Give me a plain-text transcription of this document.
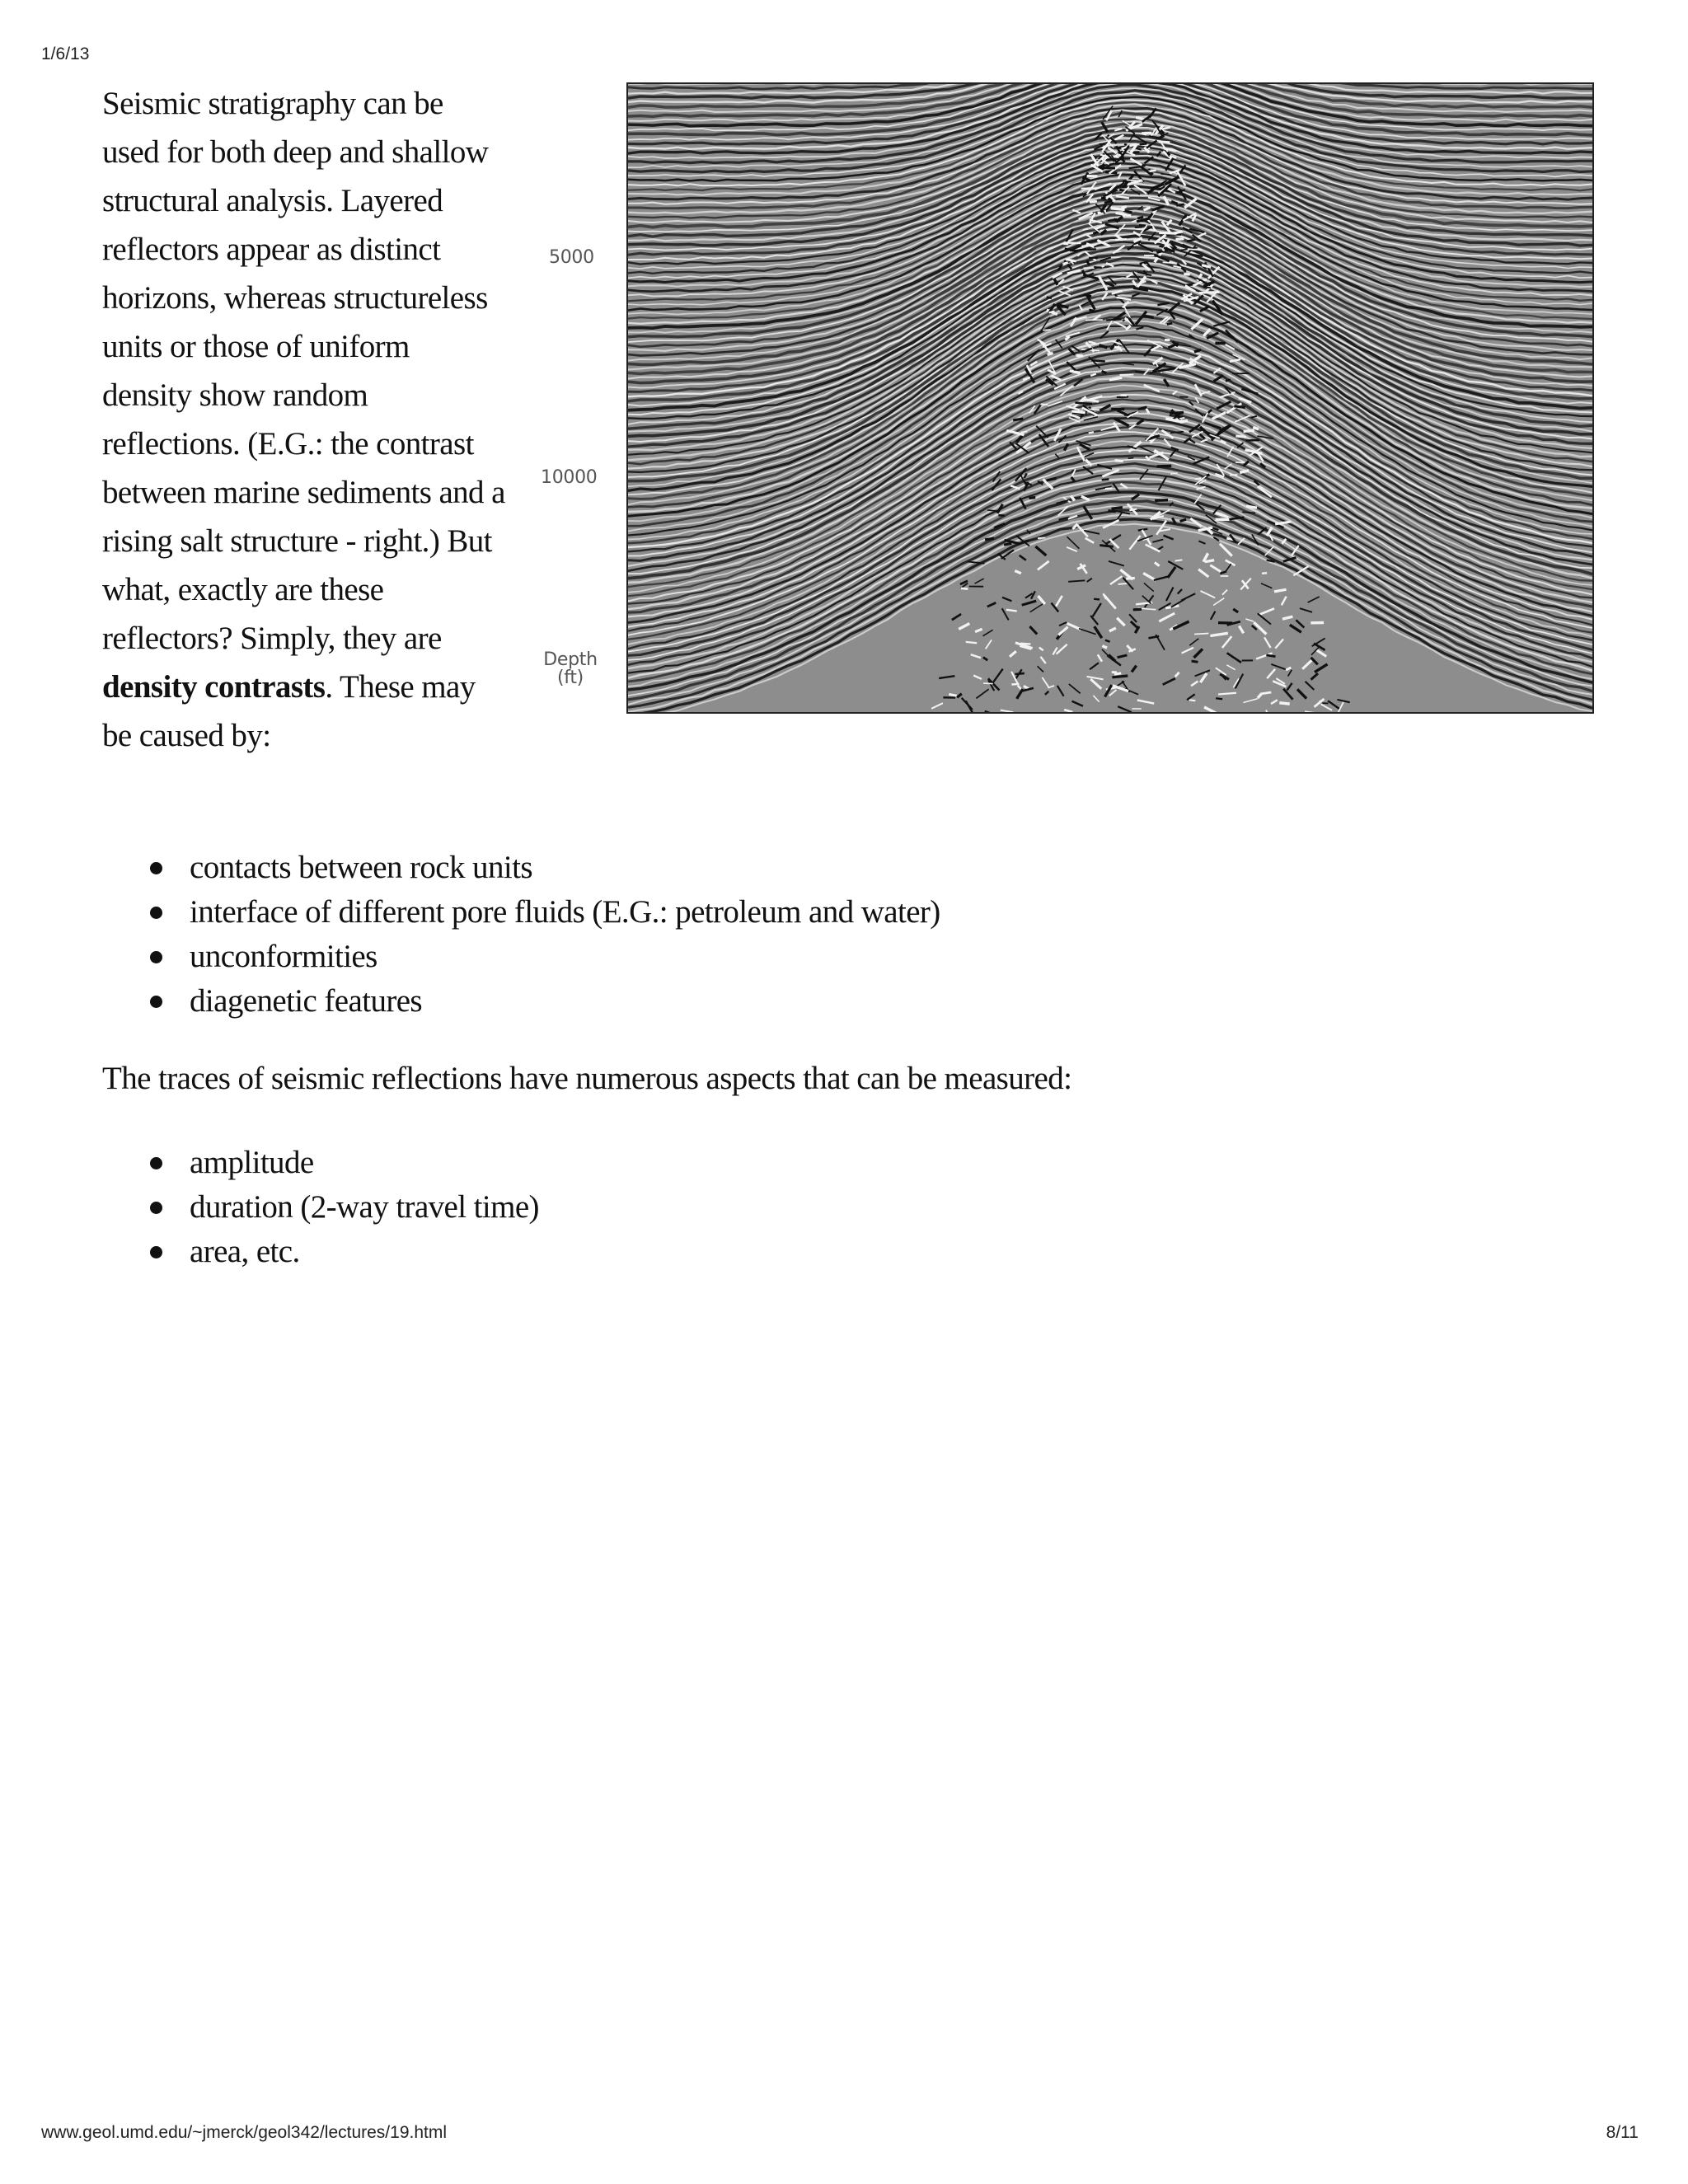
1/6/13

Seismic stratigraphy can be used for both deep and shallow structural analysis. Layered reflectors appear as distinct horizons, whereas structureless units or those of uniform density show random reflections. (E.G.: the contrast between marine sediments and a rising salt structure - right.) But what, exactly are these reflectors? Simply, they are density contrasts. These may be caused by:

5000
10000
Depth
(ft)
contacts between rock units
interface of different pore fluids (E.G.: petroleum and water)
unconformities
diagenetic features

The traces of seismic reflections have numerous aspects that can be measured:

amplitude
duration (2-way travel time)
area, etc.
www.geol.umd.edu/~jmerck/geol342/lectures/19.html	8/11
